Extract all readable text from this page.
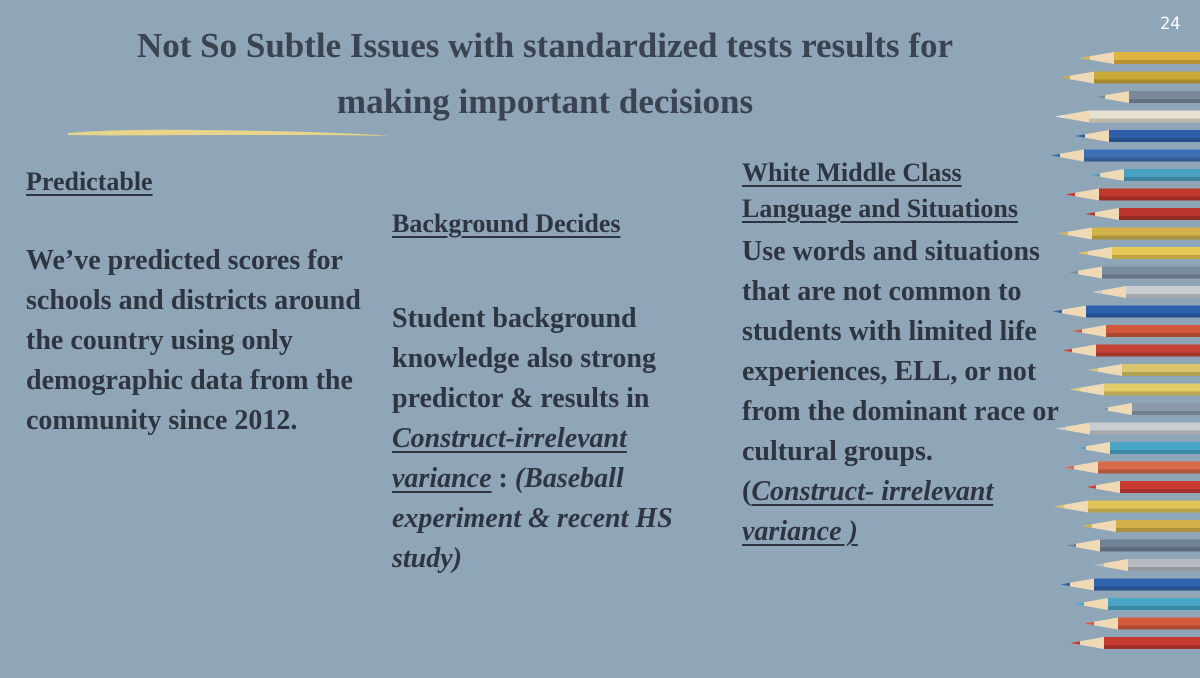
Not So Subtle Issues with standardized tests results for
making important decisions
24
Predictable
We’ve predicted scores for schools and districts around the country using only demographic data from the community since 2012.
Background Decides
Student background knowledge also strong predictor & results in Construct-irrelevant variance : (Baseball experiment & recent HS study)
White Middle Class
Language and Situations
Use words and situations that are not common to students with limited life experiences, ELL, or not from the dominant race or cultural groups. (Construct- irrelevant variance )
